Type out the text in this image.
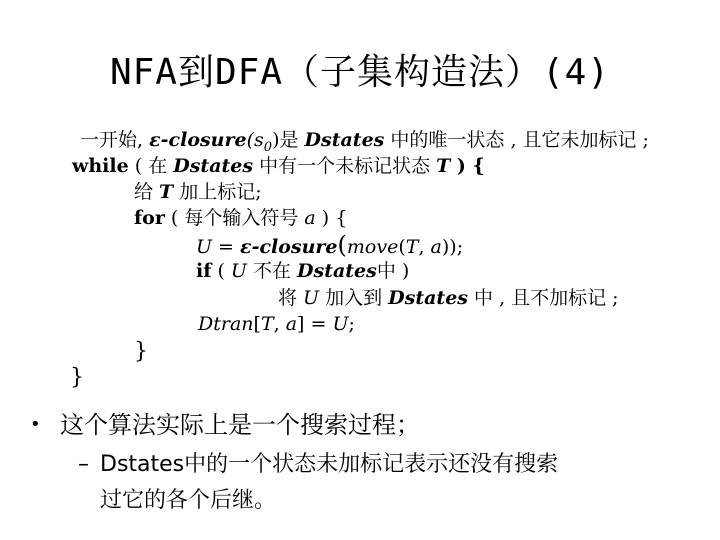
NFA到DFA（子集构造法）(4)
一开始, $\varepsilon-closure(s_0)$是 Dstates 中的唯一状态 , 且它未加标记 ;
while ( 在 Dstates 中有一个未标记状态 T ) {
给 T 加上标记;
for ( 每个输入符号 a ) {
U = ε-closure(move(T, a));
if ( U 不在 Dstates中 )
将 U 加入到 Dstates 中 , 且不加标记 ;
Dtran[T, a] = U;
}
}
• 这个算法实际上是一个搜索过程；
– Dstates中的一个状态未加标记表示还没有搜索
过它的各个后继。
